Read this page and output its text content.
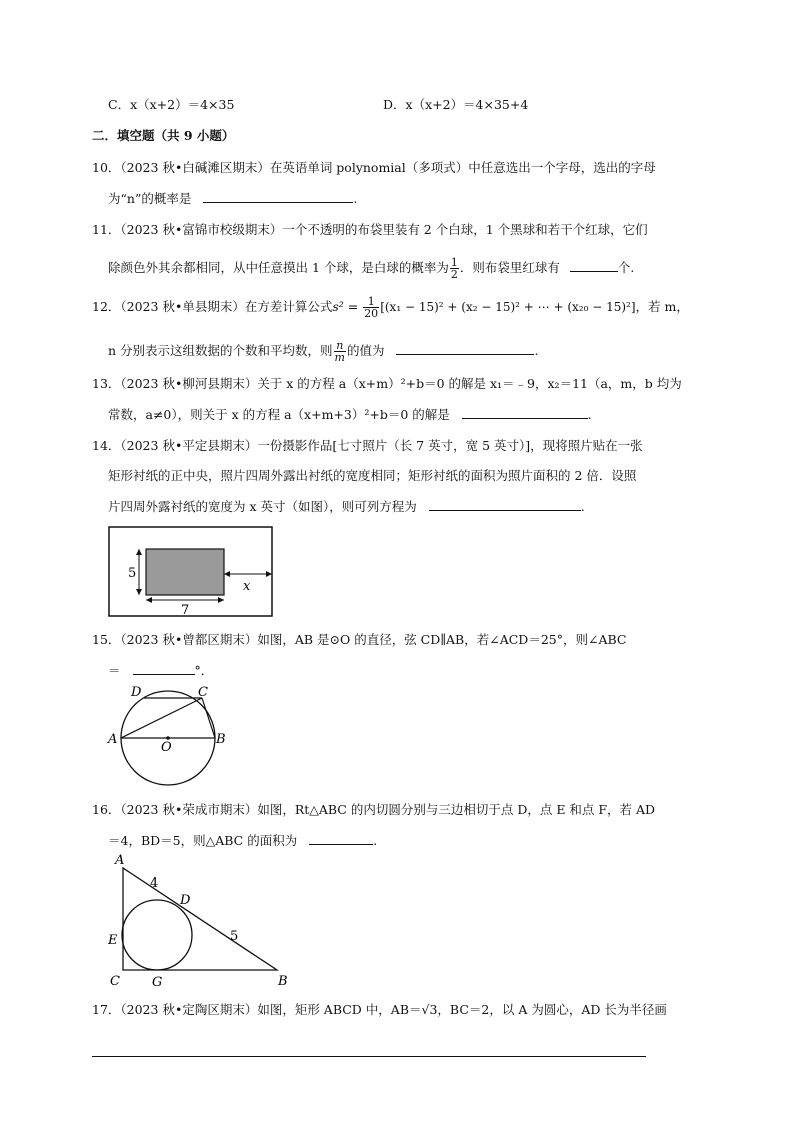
C．x（x+2）＝4×35	D．x（x+2）＝4×35+4
二．填空题（共 9 小题）
10．（2023 秋•白碱滩区期末）在英语单词 polynomial（多项式）中任意选出一个字母，选出的字母
为“n”的概率是	.
11．（2023 秋•富锦市校级期末）一个不透明的布袋里装有 2 个白球，1 个黑球和若干个红球，它们
除颜色外其余都相同，从中任意摸出 1 个球，是白球的概率为 $\frac{1}{2}$ ．则布袋里红球有	个.
12．（2023 秋•单县期末）在方差计算公式$s^2 = \frac{1}{20} [(x_1 - 15)^2 + (x_2 - 15)^2$ + ⋯ + (x₂₀ − 15)²]，若 m，
n 分别表示这组数据的个数和平均数，则 $\frac{n}{m}$ 的值为	.
13．（2023 秋•柳河县期末）关于 x 的方程 a（x+m）²+b＝0 的解是 x₁＝﹣9，x₂＝11（a，m，b 均为
常数，a≠0），则关于 x 的方程 a（x+m+3）²+b＝0 的解是	.
14．（2023 秋•平定县期末）一份摄影作品[七寸照片（长 7 英寸，宽 5 英寸）]，现将照片贴在一张
矩形衬纸的正中央，照片四周外露出衬纸的宽度相同；矩形衬纸的面积为照片面积的 2 倍．设照
片四周外露衬纸的宽度为 x 英寸（如图），则可列方程为	.
5
7
x
15．（2023 秋•曾都区期末）如图，AB 是⊙O 的直径，弦 CD∥AB，若∠ACD＝25°，则∠ABC
＝	°．
D	C
A
O
B
16．（2023 秋•荣成市期末）如图，Rt△ABC 的内切圆分别与三边相切于点 D，点 E 和点 F，若 AD
＝4，BD＝5，则△ABC 的面积为	.
A
4
D
5
E
C G	B
17．（2023 秋•定陶区期末）如图，矩形 ABCD 中，AB＝√3，BC＝2，以 A 为圆心，AD 长为半径画
